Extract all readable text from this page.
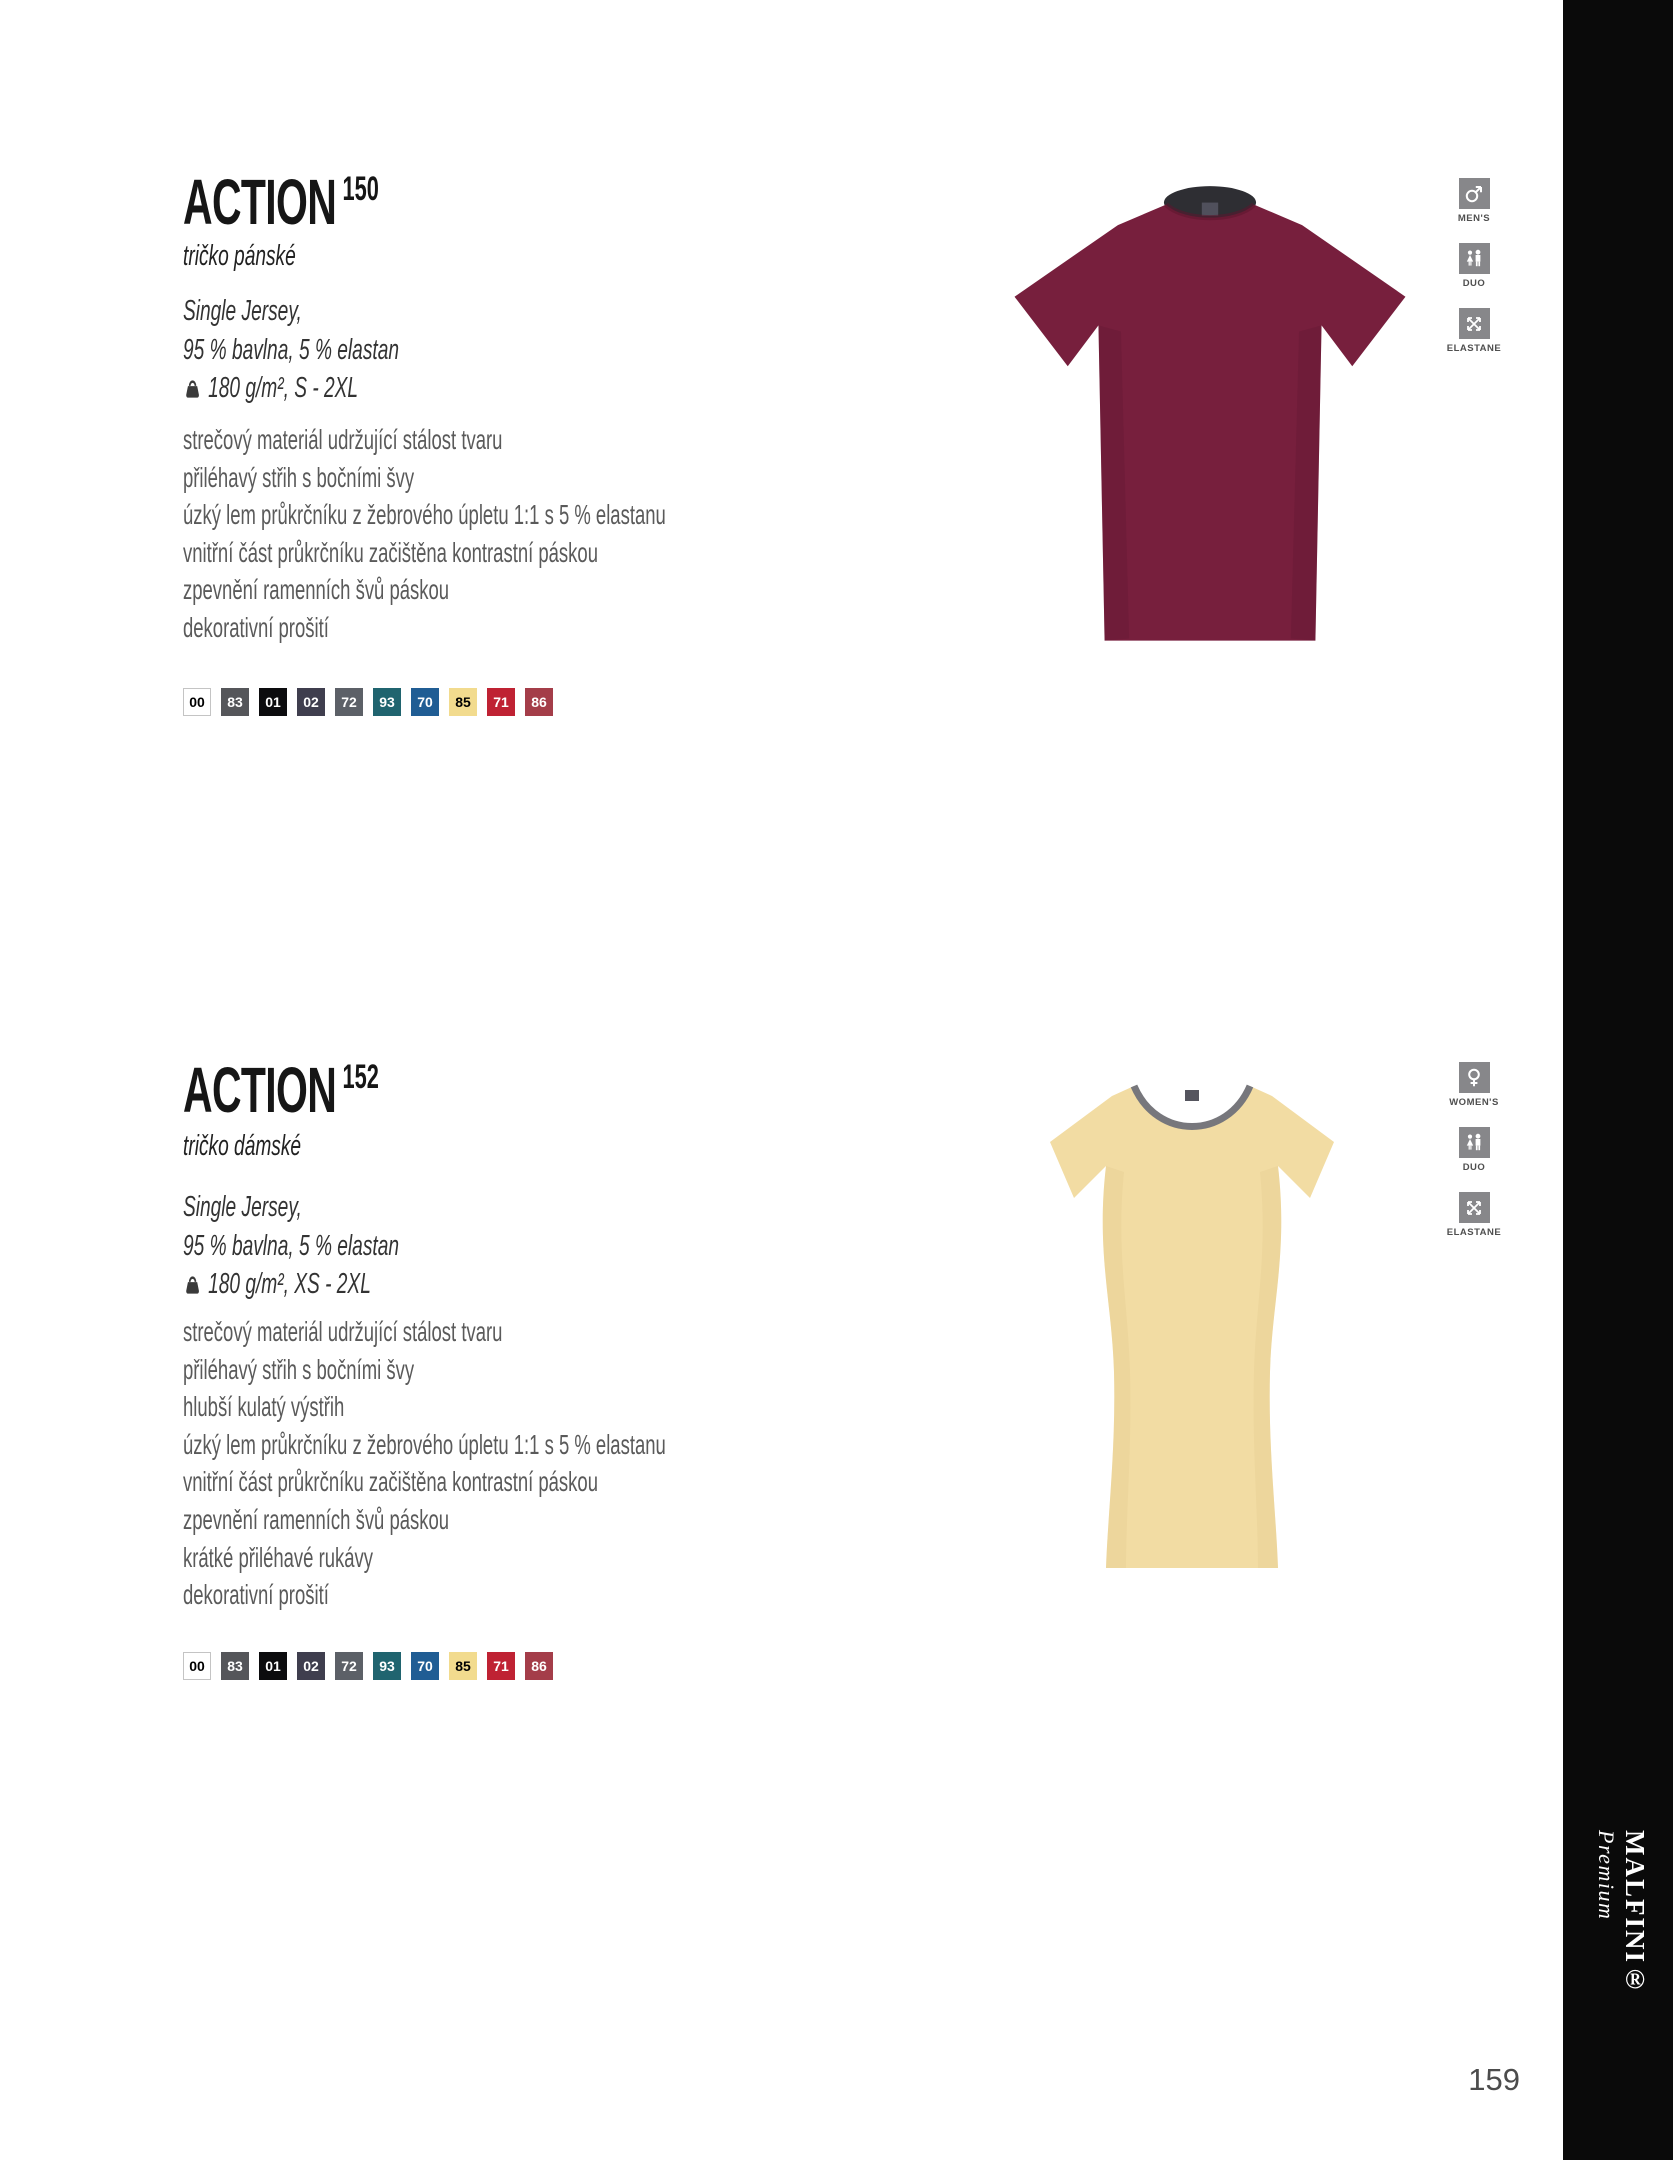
ACTION $^{150}$
tričko pánské
Single Jersey,
95 % bavlna, 5 % elastan
180 g/m², S - 2XL
strečový materiál udržující stálost tvaru
přiléhavý střih s bočními švy
úzký lem průkrčníku z žebrového úpletu 1:1 s 5 % elastanu
vnitřní část průkrčníku začištěna kontrastní páskou
zpevnění ramenních švů páskou
dekorativní prošití
00	83	01	02	72	93	70	85	71	86
MEN'S
DUO
ELASTANE
ACTION $^{152}$
tričko dámské
Single Jersey,
95 % bavlna, 5 % elastan
180 g/m², XS - 2XL
strečový materiál udržující stálost tvaru
přiléhavý střih s bočními švy
hlubší kulatý výstřih
úzký lem průkrčníku z žebrového úpletu 1:1 s 5 % elastanu
vnitřní část průkrčníku začištěna kontrastní páskou
zpevnění ramenních švů páskou
krátké přiléhavé rukávy
dekorativní prošití
00	83	01	02	72	93	70	85	71	86
WOMEN'S
DUO
ELASTANE
MALFINI®
Premium
159
